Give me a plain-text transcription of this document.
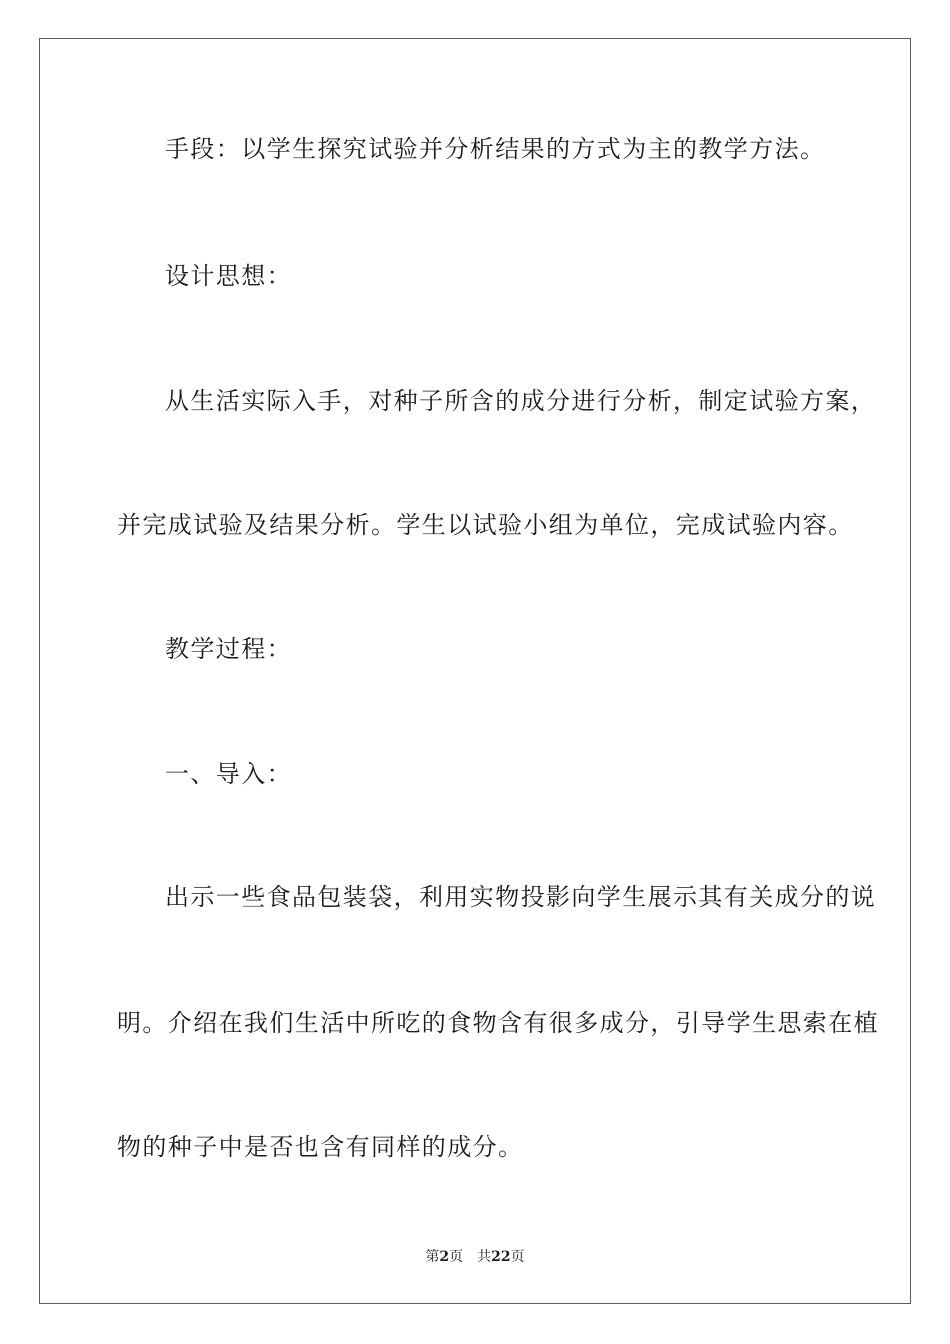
手段：以学生探究试验并分析结果的方式为主的教学方法。
设计思想：
从生活实际入手，对种子所含的成分进行分析，制定试验方案，
并完成试验及结果分析。学生以试验小组为单位，完成试验内容。
教学过程：
一、导入：
出示一些食品包装袋，利用实物投影向学生展示其有关成分的说
明。介绍在我们生活中所吃的食物含有很多成分，引导学生思索在植
物的种子中是否也含有同样的成分。
第2页 共22页
